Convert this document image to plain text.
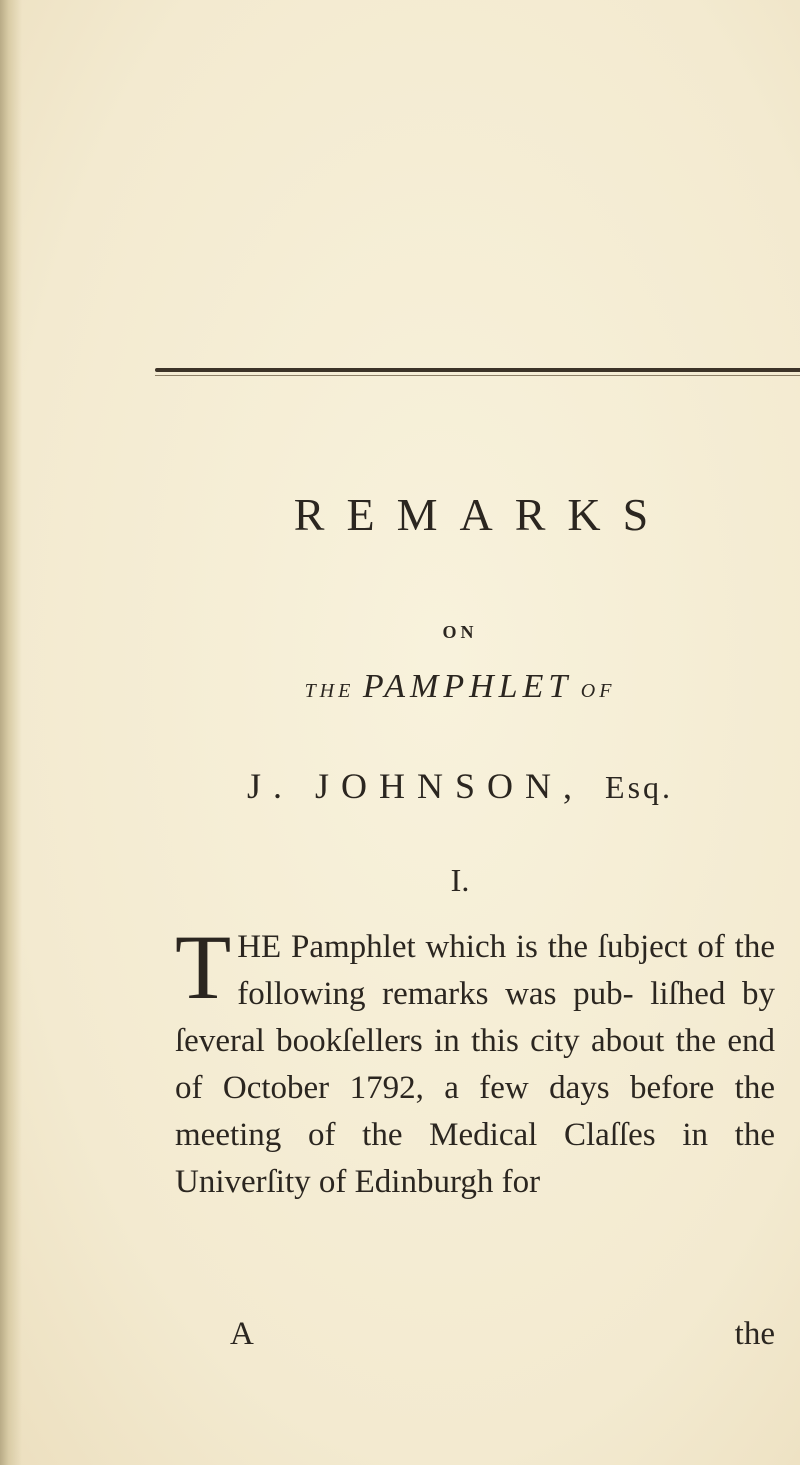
REMARKS
ON
THE PAMPHLET OF
J. JOHNSON, Esq.
I.

T HE Pamphlet which is the ſubject of the following remarks was pub- liſhed by ſeveral bookſellers in this city about the end of October 1792, a few days before the meeting of the Medical Claſſes in the Univerſity of Edinburgh for

A	the
